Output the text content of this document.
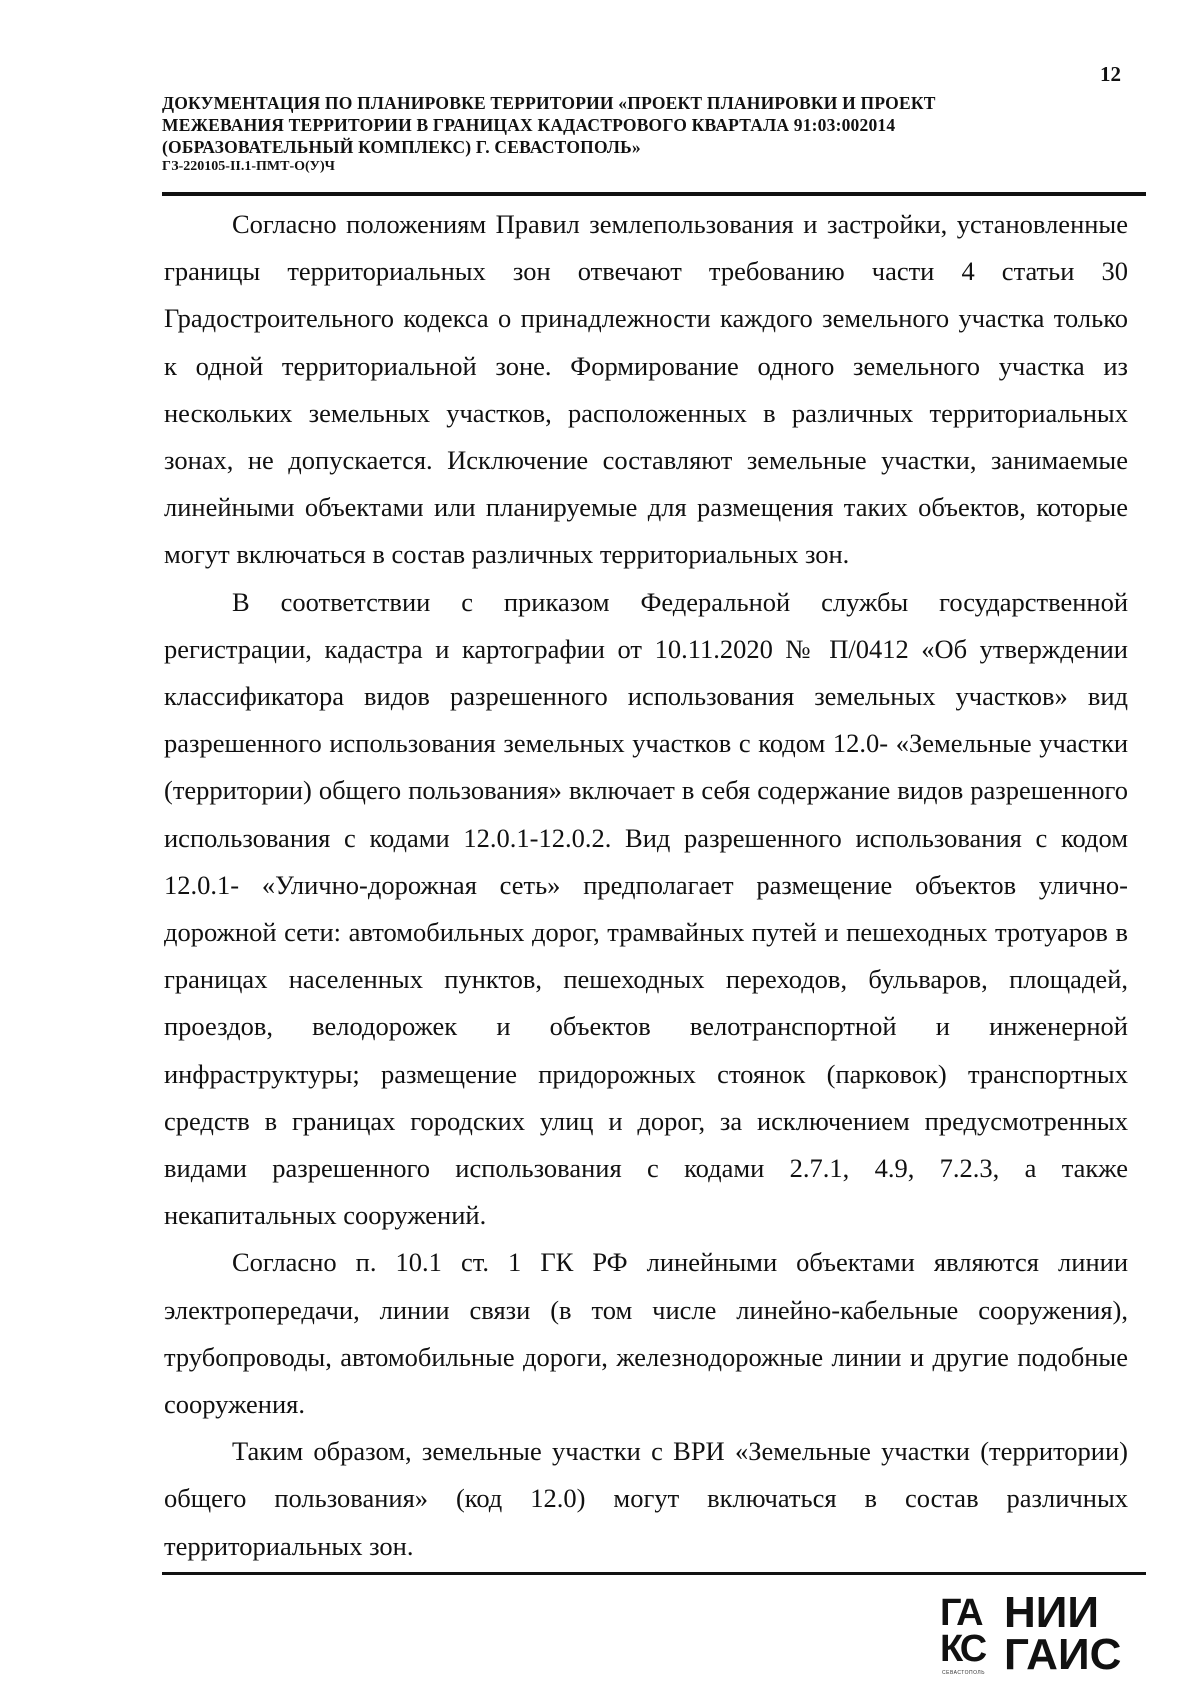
12
ДОКУМЕНТАЦИЯ ПО ПЛАНИРОВКЕ ТЕРРИТОРИИ «ПРОЕКТ ПЛАНИРОВКИ И ПРОЕКТ
МЕЖЕВАНИЯ ТЕРРИТОРИИ В ГРАНИЦАХ КАДАСТРОВОГО КВАРТАЛА 91:03:002014
(ОБРАЗОВАТЕЛЬНЫЙ КОМПЛЕКС) Г. СЕВАСТОПОЛЬ»
ГЗ-220105-II.1-ПМТ-О(У)Ч

Согласно положениям Правил землепользования и застройки, установленные границы территориальных зон отвечают требованию части 4 статьи 30 Градостроительного кодекса о принадлежности каждого земельного участка только к одной территориальной зоне. Формирование одного земельного участка из нескольких земельных участков, расположенных в различных территориальных зонах, не допускается. Исключение составляют земельные участки, занимаемые линейными объектами или планируемые для размещения таких объектов, которые могут включаться в состав различных территориальных зон.

В соответствии с приказом Федеральной службы государственной регистрации, кадастра и картографии от 10.11.2020 № П/0412 «Об утверждении классификатора видов разрешенного использования земельных участков» вид разрешенного использования земельных участков с кодом 12.0- «Земельные участки (территории) общего пользования» включает в себя содержание видов разрешенного использования с кодами 12.0.1-12.0.2. Вид разрешенного использования с кодом 12.0.1- «Улично-дорожная сеть» предполагает размещение объектов улично-дорожной сети: автомобильных дорог, трамвайных путей и пешеходных тротуаров в границах населенных пунктов, пешеходных переходов, бульваров, площадей, проездов, велодорожек и объектов велотранспортной и инженерной инфраструктуры; размещение придорожных стоянок (парковок) транспортных средств в границах городских улиц и дорог, за исключением предусмотренных видами разрешенного использования с кодами 2.7.1, 4.9, 7.2.3, а также некапитальных сооружений.

Согласно п. 10.1 ст. 1 ГК РФ линейными объектами являются линии электропередачи, линии связи (в том числе линейно-кабельные сооружения), трубопроводы, автомобильные дороги, железнодорожные линии и другие подобные сооружения.

Таким образом, земельные участки с ВРИ «Земельные участки (территории) общего пользования» (код 12.0) могут включаться в состав различных территориальных зон.

ГА
КС
СЕВАСТОПОЛЬ
НИИ
ГАИС
